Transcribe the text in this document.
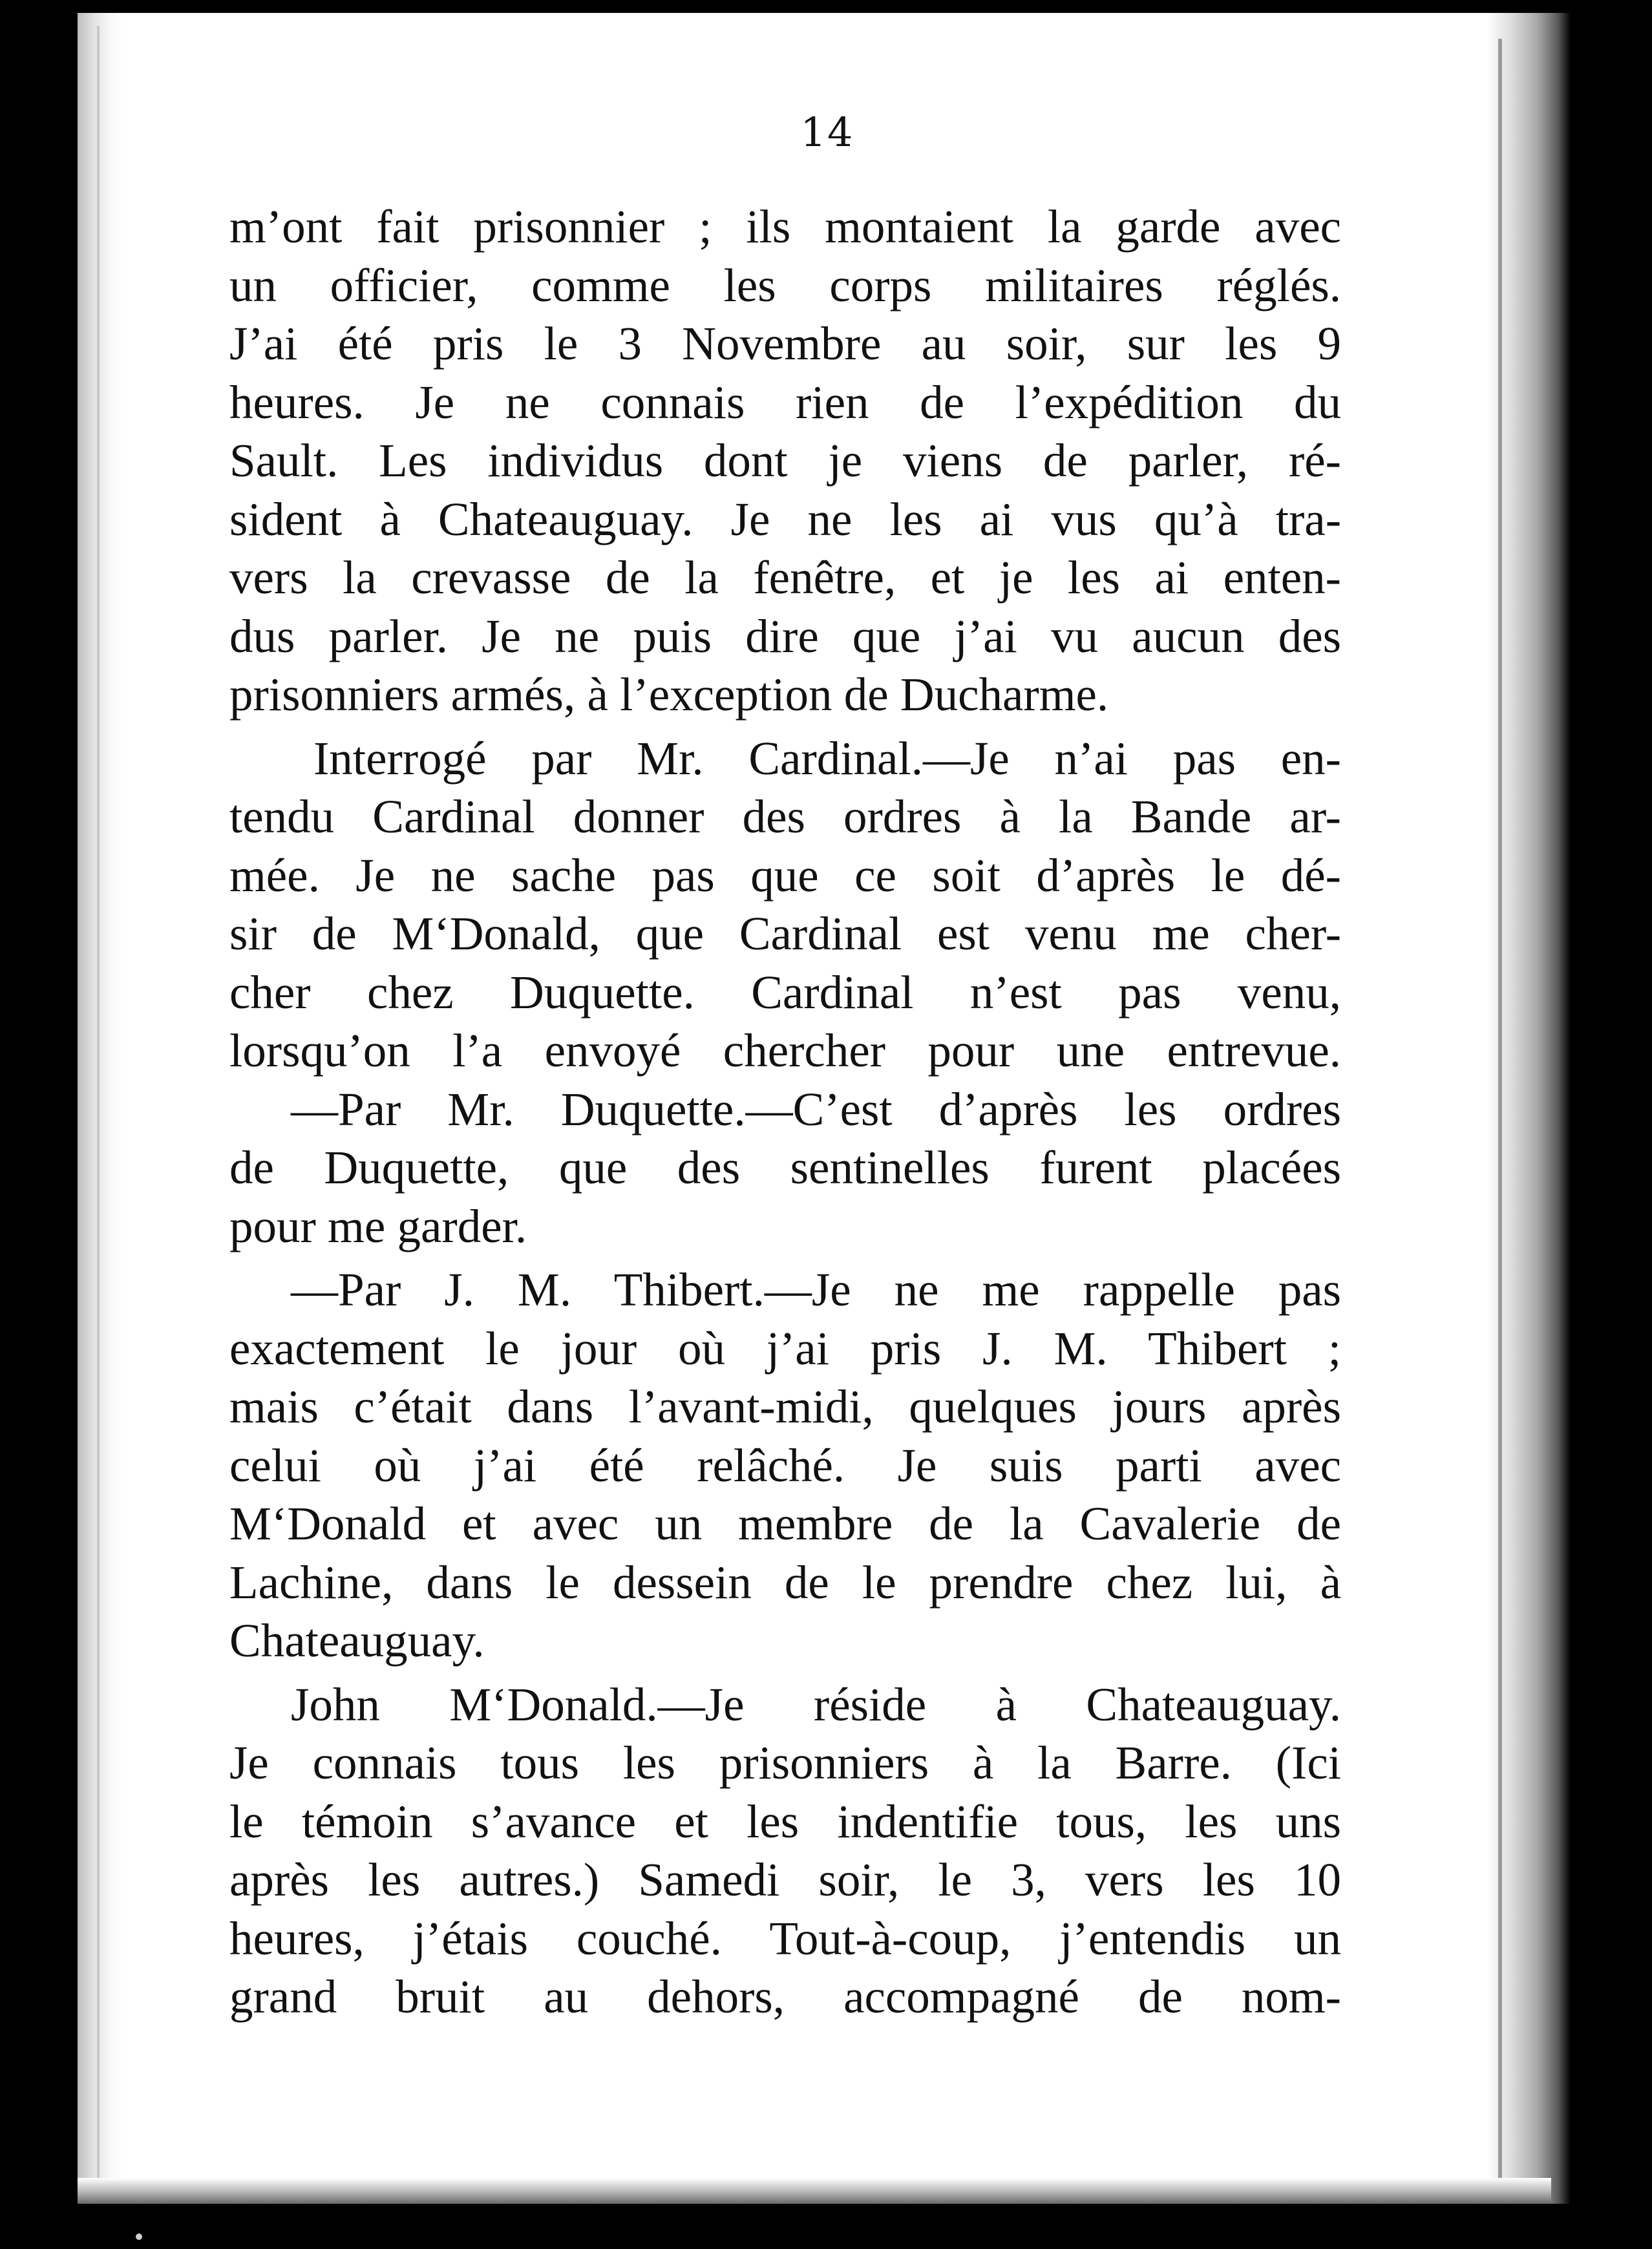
14
m’ont fait prisonnier ; ils montaient la garde avec
un officier, comme les corps militaires réglés.
J’ai été pris le 3 Novembre au soir, sur les 9
heures. Je ne connais rien de l’expédition du
Sault. Les individus dont je viens de parler, ré-
sident à Chateauguay. Je ne les ai vus qu’à tra-
vers la crevasse de la fenêtre, et je les ai enten-
dus parler. Je ne puis dire que j’ai vu aucun des
prisonniers armés, à l’exception de Ducharme.
Interrogé par Mr. Cardinal.—Je n’ai pas en-
tendu Cardinal donner des ordres à la Bande ar-
mée. Je ne sache pas que ce soit d’après le dé-
sir de M‘Donald, que Cardinal est venu me cher-
cher chez Duquette. Cardinal n’est pas venu,
lorsqu’on l’a envoyé chercher pour une entrevue.
—Par Mr. Duquette.—C’est d’après les ordres
de Duquette, que des sentinelles furent placées
pour me garder.
—Par J. M. Thibert.—Je ne me rappelle pas
exactement le jour où j’ai pris J. M. Thibert ;
mais c’était dans l’avant-midi, quelques jours après
celui où j’ai été relâché. Je suis parti avec
M‘Donald et avec un membre de la Cavalerie de
Lachine, dans le dessein de le prendre chez lui, à
Chateauguay.
John M‘Donald.—Je réside à Chateauguay.
Je connais tous les prisonniers à la Barre. (Ici
le témoin s’avance et les indentifie tous, les uns
après les autres.) Samedi soir, le 3, vers les 10
heures, j’étais couché. Tout-à-coup, j’entendis un
grand bruit au dehors, accompagné de nom-
